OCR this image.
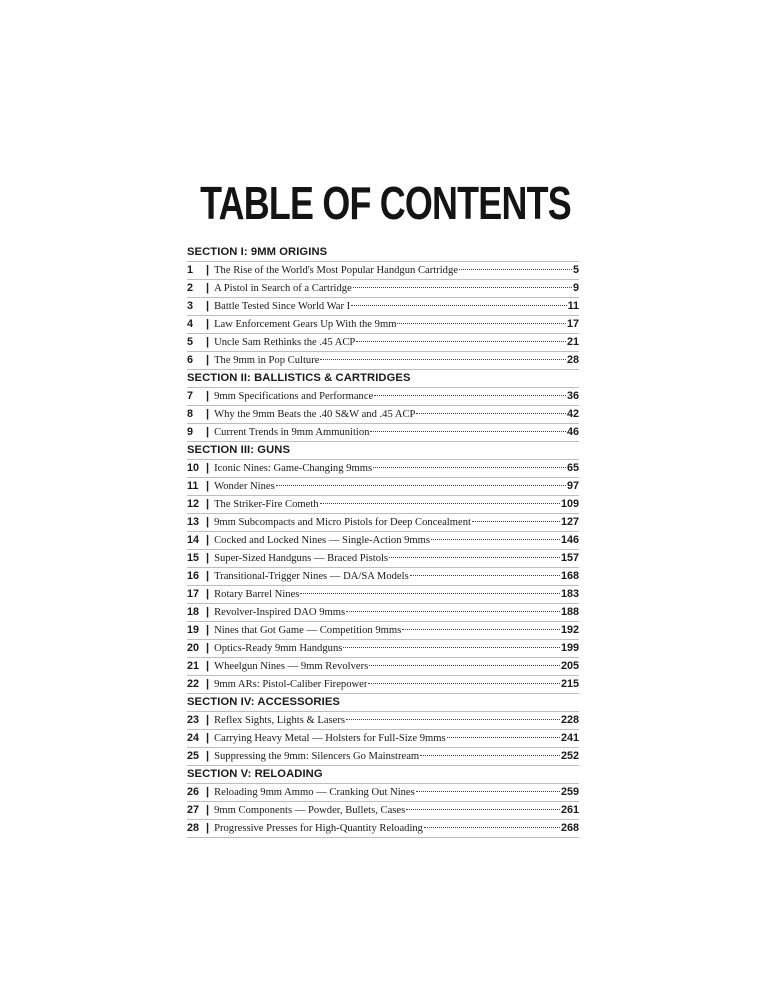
TABLE OF CONTENTS
SECTION I: 9MM ORIGINS
1	| The Rise of the World's Most Popular Handgun Cartridge	5
2	| A Pistol in Search of a Cartridge	9
3	| Battle Tested Since World War I	11
4	| Law Enforcement Gears Up With the 9mm	17
5	| Uncle Sam Rethinks the .45 ACP	21
6	| The 9mm in Pop Culture	28
SECTION II: BALLISTICS & CARTRIDGES
7	| 9mm Specifications and Performance	36
8	| Why the 9mm Beats the .40 S&W and .45 ACP	42
9	| Current Trends in 9mm Ammunition	46
SECTION III: GUNS
10 | Iconic Nines: Game-Changing 9mms	65
11 | Wonder Nines	97
12 | The Striker-Fire Cometh	109
13 | 9mm Subcompacts and Micro Pistols for Deep Concealment	127
14 | Cocked and Locked Nines — Single-Action 9mms	146
15 | Super-Sized Handguns — Braced Pistols	157
16 | Transitional-Trigger Nines — DA/SA Models	168
17 | Rotary Barrel Nines	183
18 | Revolver-Inspired DAO 9mms	188
19 | Nines that Got Game — Competition 9mms	192
20 | Optics-Ready 9mm Handguns	199
21 | Wheelgun Nines — 9mm Revolvers	205
22 | 9mm ARs: Pistol-Caliber Firepower	215
SECTION IV: ACCESSORIES
23 | Reflex Sights, Lights & Lasers	228
24 | Carrying Heavy Metal — Holsters for Full-Size 9mms	241
25 | Suppressing the 9mm: Silencers Go Mainstream	252
SECTION V: RELOADING
26 | Reloading 9mm Ammo — Cranking Out Nines	259
27 | 9mm Components — Powder, Bullets, Cases	261
28 | Progressive Presses for High-Quantity Reloading	268
